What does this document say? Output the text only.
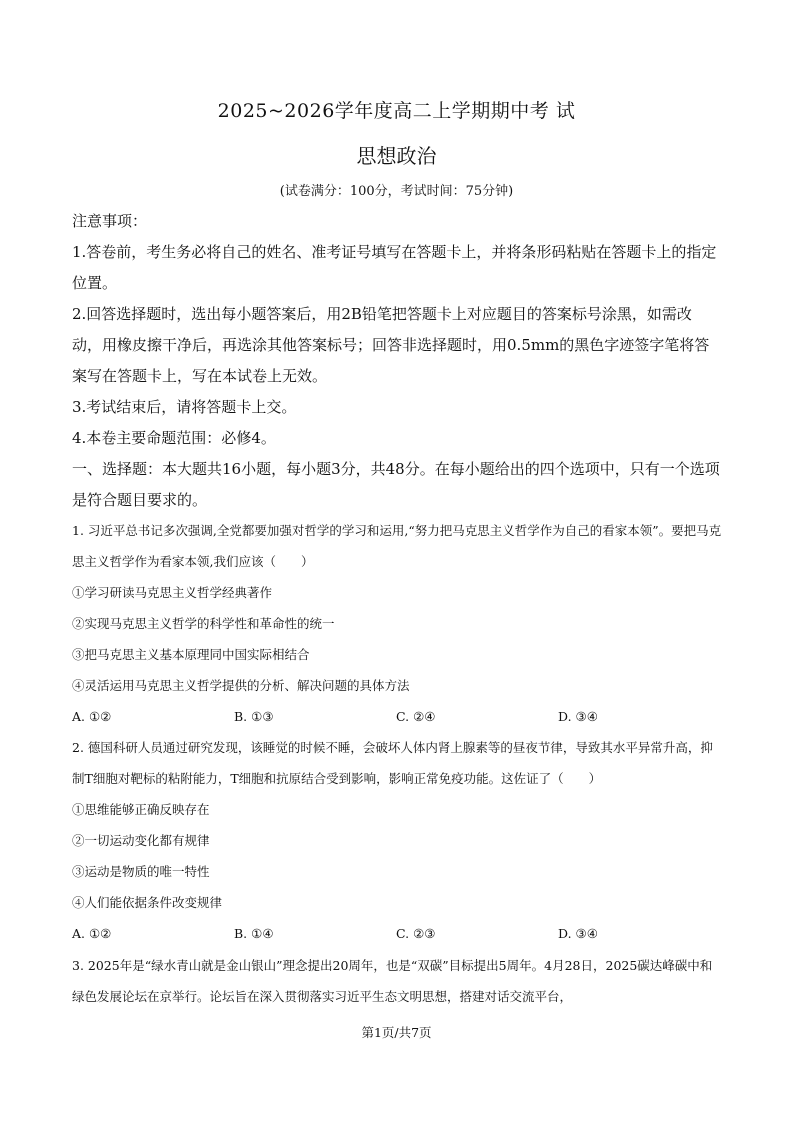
2025~2026学年度高二上学期期中考 试
思想政治
(试卷满分：100分，考试时间：75分钟)

注意事项：

1.答卷前，考生务必将自己的姓名、准考证号填写在答题卡上，并将条形码粘贴在答题卡上的指定位置。

2.回答选择题时，选出每小题答案后，用2B铅笔把答题卡上对应题目的答案标号涂黑，如需改动，用橡皮擦干净后，再选涂其他答案标号；回答非选择题时，用0.5mm的黑色字迹签字笔将答案写在答题卡上，写在本试卷上无效。

3.考试结束后，请将答题卡上交。

4.本卷主要命题范围：必修4。

一、选择题：本大题共16小题，每小题3分，共48分。在每小题给出的四个选项中，只有一个选项是符合题目要求的。

1. 习近平总书记多次强调,全党都要加强对哲学的学习和运用,“努力把马克思主义哲学作为自己的看家本领”。要把马克思主义哲学作为看家本领,我们应该（　　）

①学习研读马克思主义哲学经典著作

②实现马克思主义哲学的科学性和革命性的统一

③把马克思主义基本原理同中国实际相结合

④灵活运用马克思主义哲学提供的分析、解决问题的具体方法

A. ①②	B. ①③	C. ②④	D. ③④

2. 德国科研人员通过研究发现，该睡觉的时候不睡，会破坏人体内肾上腺素等的昼夜节律，导致其水平异常升高，抑制T细胞对靶标的粘附能力，T细胞和抗原结合受到影响，影响正常免疫功能。这佐证了（　　）

①思维能够正确反映存在

②一切运动变化都有规律

③运动是物质的唯一特性

④人们能依据条件改变规律

A. ①②	B. ①④	C. ②③	D. ③④

3. 2025年是“绿水青山就是金山银山”理念提出20周年，也是“双碳”目标提出5周年。4月28日，2025碳达峰碳中和绿色发展论坛在京举行。论坛旨在深入贯彻落实习近平生态文明思想，搭建对话交流平台，

第1页/共7页
